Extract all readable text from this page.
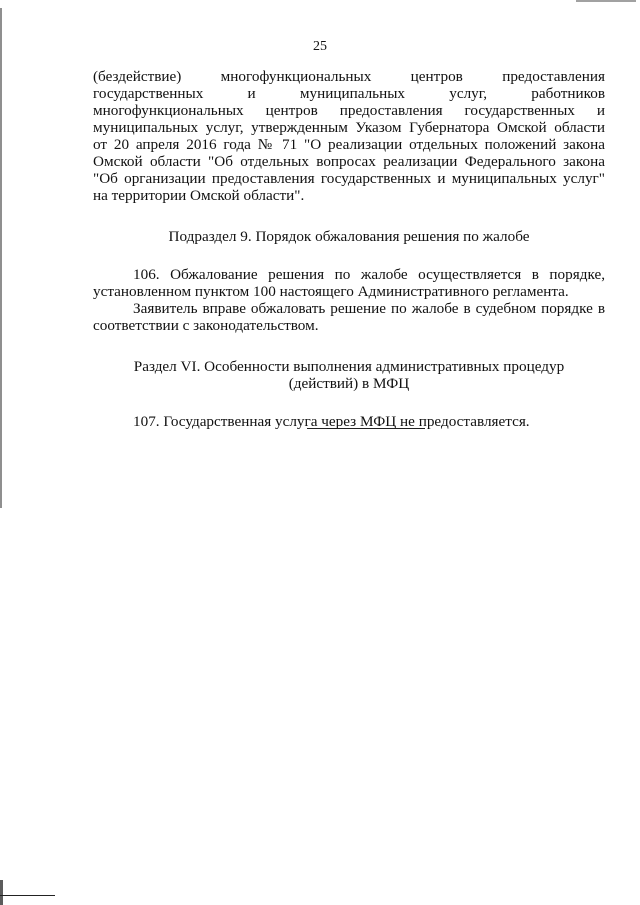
25

(бездействие) многофункциональных центров предоставления

государственных и муниципальных услуг, работников

многофункциональных центров предоставления государственных и

муниципальных услуг, утвержденным Указом Губернатора Омской области

от 20 апреля 2016 года № 71 "О реализации отдельных положений закона

Омской области "Об отдельных вопросах реализации Федерального закона

"Об организации предоставления государственных и муниципальных услуг"

на территории Омской области".

Подраздел 9. Порядок обжалования решения по жалобе

106. Обжалование решения по жалобе осуществляется в порядке,

установленном пунктом 100 настоящего Административного регламента.

Заявитель вправе обжаловать решение по жалобе в судебном порядке в

соответствии с законодательством.

Раздел VI. Особенности выполнения административных процедур

(действий) в МФЦ

107. Государственная услуга через МФЦ не предоставляется.
